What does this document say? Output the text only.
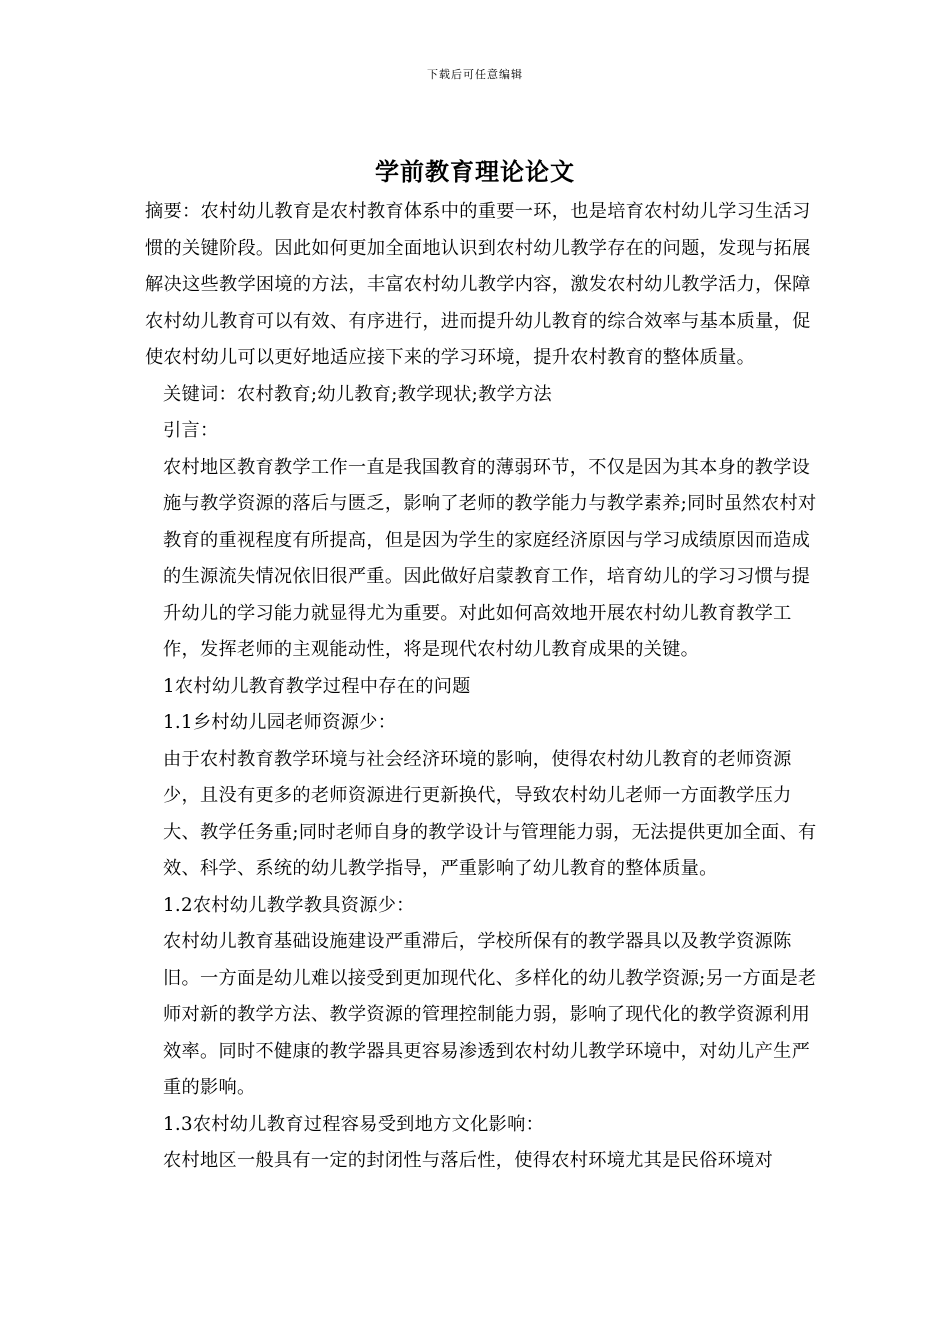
下载后可任意编辑
学前教育理论论文

摘要：农村幼儿教育是农村教育体系中的重要一环，也是培育农村幼儿学习生活习惯的关键阶段。因此如何更加全面地认识到农村幼儿教学存在的问题，发现与拓展解决这些教学困境的方法，丰富农村幼儿教学内容，激发农村幼儿教学活力，保障农村幼儿教育可以有效、有序进行，进而提升幼儿教育的综合效率与基本质量，促使农村幼儿可以更好地适应接下来的学习环境，提升农村教育的整体质量。

关键词：农村教育;幼儿教育;教学现状;教学方法

引言：

农村地区教育教学工作一直是我国教育的薄弱环节，不仅是因为其本身的教学设施与教学资源的落后与匮乏，影响了老师的教学能力与教学素养;同时虽然农村对教育的重视程度有所提高，但是因为学生的家庭经济原因与学习成绩原因而造成的生源流失情况依旧很严重。因此做好启蒙教育工作，培育幼儿的学习习惯与提升幼儿的学习能力就显得尤为重要。对此如何高效地开展农村幼儿教育教学工作，发挥老师的主观能动性，将是现代农村幼儿教育成果的关键。

1农村幼儿教育教学过程中存在的问题

1.1乡村幼儿园老师资源少：

由于农村教育教学环境与社会经济环境的影响，使得农村幼儿教育的老师资源少，且没有更多的老师资源进行更新换代，导致农村幼儿老师一方面教学压力大、教学任务重;同时老师自身的教学设计与管理能力弱，无法提供更加全面、有效、科学、系统的幼儿教学指导，严重影响了幼儿教育的整体质量。

1.2农村幼儿教学教具资源少：

农村幼儿教育基础设施建设严重滞后，学校所保有的教学器具以及教学资源陈旧。一方面是幼儿难以接受到更加现代化、多样化的幼儿教学资源;另一方面是老师对新的教学方法、教学资源的管理控制能力弱，影响了现代化的教学资源利用效率。同时不健康的教学器具更容易渗透到农村幼儿教学环境中，对幼儿产生严重的影响。

1.3农村幼儿教育过程容易受到地方文化影响：

农村地区一般具有一定的封闭性与落后性，使得农村环境尤其是民俗环境对
